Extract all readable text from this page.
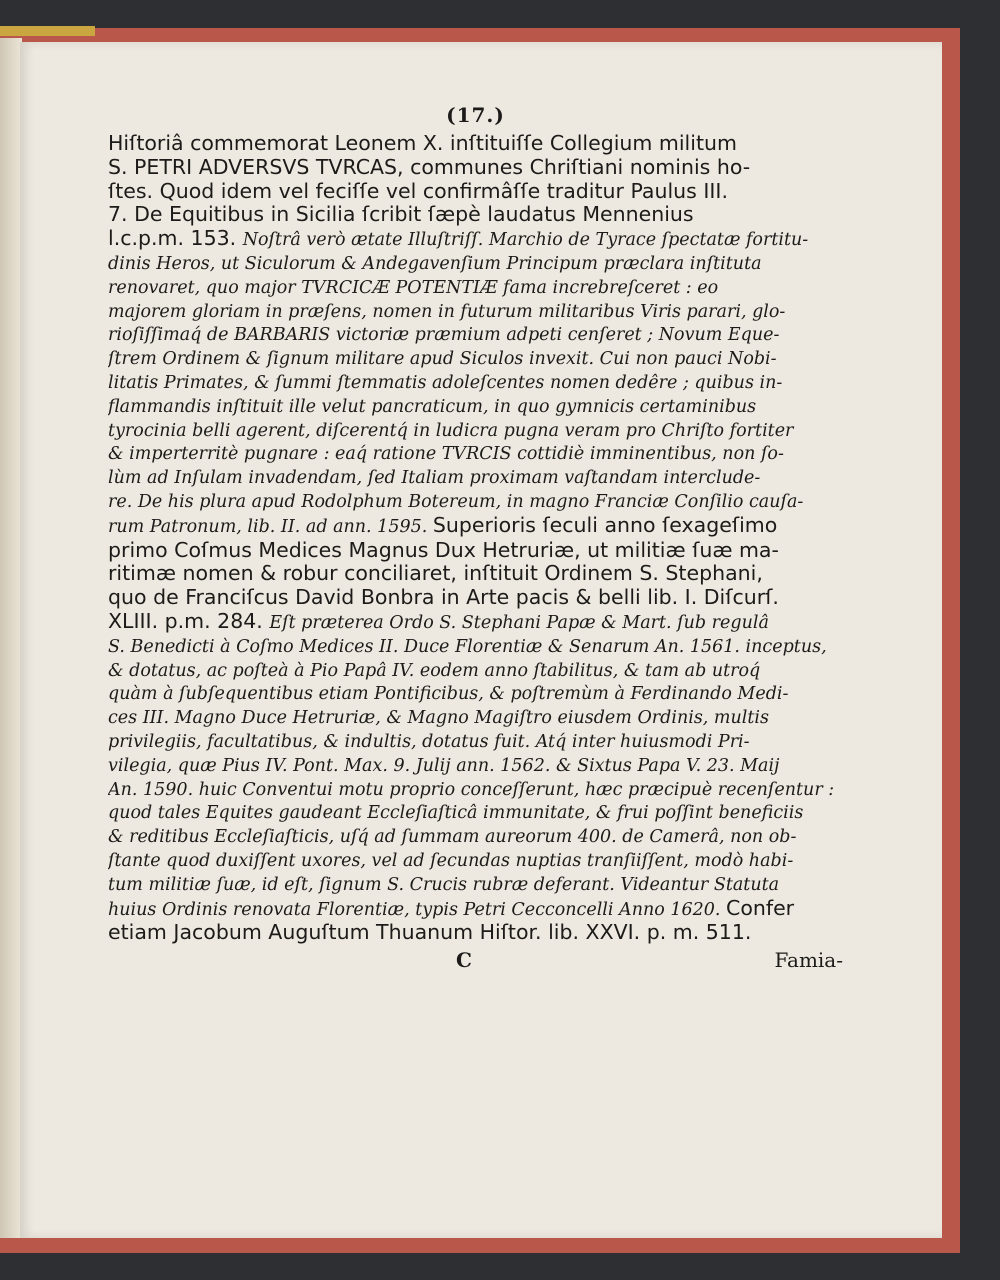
(17.)
Hiſtoriâ commemorat Leonem X. inſtituiſſe Collegium militum
S. PETRI ADVERSVS TVRCAS, communes Chriſtiani nominis ho-
ſtes. Quod idem vel feciſſe vel confirmâſſe traditur Paulus III.
7. De Equitibus in Sicilia ſcribit ſæpè laudatus Mennenius
l.c.p.m. 153. Noſtrâ verò ætate Illuſtriſſ. Marchio de Tyrace ſpectatæ fortitu-
dinis Heros, ut Siculorum & Andegavenſium Principum præclara inſtituta
renovaret, quo major TVRCICÆ POTENTIÆ fama increbreſceret : eo
majorem gloriam in præſens, nomen in futurum militaribus Viris parari, glo-
rioſiſſimaq́ de BARBARIS victoriæ præmium adpeti cenſeret ; Novum Eque-
ſtrem Ordinem & ſignum militare apud Siculos invexit. Cui non pauci Nobi-
litatis Primates, & ſummi ſtemmatis adoleſcentes nomen dedêre ; quibus in-
flammandis inſtituit ille velut pancraticum, in quo gymnicis certaminibus
tyrocinia belli agerent, diſcerentq́ in ludicra pugna veram pro Chriſto fortiter
& imperterritè pugnare : eaq́ ratione TVRCIS cottidiè imminentibus, non ſo-
lùm ad Inſulam invadendam, ſed Italiam proximam vaſtandam interclude-
re. De his plura apud Rodolphum Botereum, in magno Franciæ Conſilio cauſa-
rum Patronum, lib. II. ad ann. 1595. Superioris ſeculi anno ſexageſimo
primo Coſmus Medices Magnus Dux Hetruriæ, ut militiæ ſuæ ma-
ritimæ nomen & robur conciliaret, inſtituit Ordinem S. Stephani,
quo de Franciſcus David Bonbra in Arte pacis & belli lib. I. Diſcurſ.
XLIII. p.m. 284. Eſt præterea Ordo S. Stephani Papæ & Mart. ſub regulâ
S. Benedicti à Coſmo Medices II. Duce Florentiæ & Senarum An. 1561. inceptus,
& dotatus, ac poſteà à Pio Papâ IV. eodem anno ſtabilitus, & tam ab utroq́
quàm à ſubſequentibus etiam Pontificibus, & poſtremùm à Ferdinando Medi-
ces III. Magno Duce Hetruriæ, & Magno Magiſtro eiusdem Ordinis, multis
privilegiis, facultatibus, & indultis, dotatus fuit. Atq́ inter huiusmodi Pri-
vilegia, quæ Pius IV. Pont. Max. 9. Julij ann. 1562. & Sixtus Papa V. 23. Maij
An. 1590. huic Conventui motu proprio conceſſerunt, hæc præcipuè recenſentur :
quod tales Equites gaudeant Eccleſiaſticâ immunitate, & frui poſſint beneficiis
& reditibus Eccleſiaſticis, uſq́ ad ſummam aureorum 400. de Camerâ, non ob-
ſtante quod duxiſſent uxores, vel ad ſecundas nuptias tranſiiſſent, modò habi-
tum militiæ ſuæ, id eſt, ſignum S. Crucis rubræ deferant. Videantur Statuta
huius Ordinis renovata Florentiæ, typis Petri Cecconcelli Anno 1620. Confer
etiam Jacobum Auguſtum Thuanum Hiſtor. lib. XXVI. p. m. 511.
C	Famia-
